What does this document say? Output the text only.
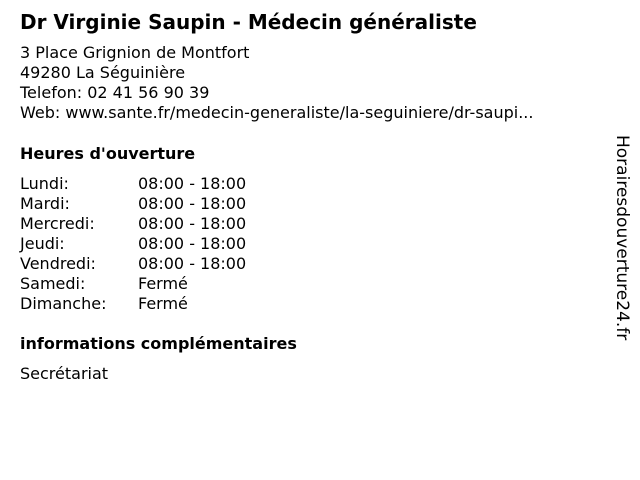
Dr Virginie Saupin - Médecin généraliste
3 Place Grignion de Montfort
49280 La Séguinière
Telefon: 02 41 56 90 39
Web: www.sante.fr/medecin-generaliste/la-seguiniere/dr-saupi...
Heures d'ouverture
Lundi:	08:00 - 18:00
Mardi:	08:00 - 18:00
Mercredi:	08:00 - 18:00
Jeudi:	08:00 - 18:00
Vendredi:	08:00 - 18:00
Samedi:	Fermé
Dimanche: Fermé
informations complémentaires
Secrétariat
Horairesdouverture24.fr
